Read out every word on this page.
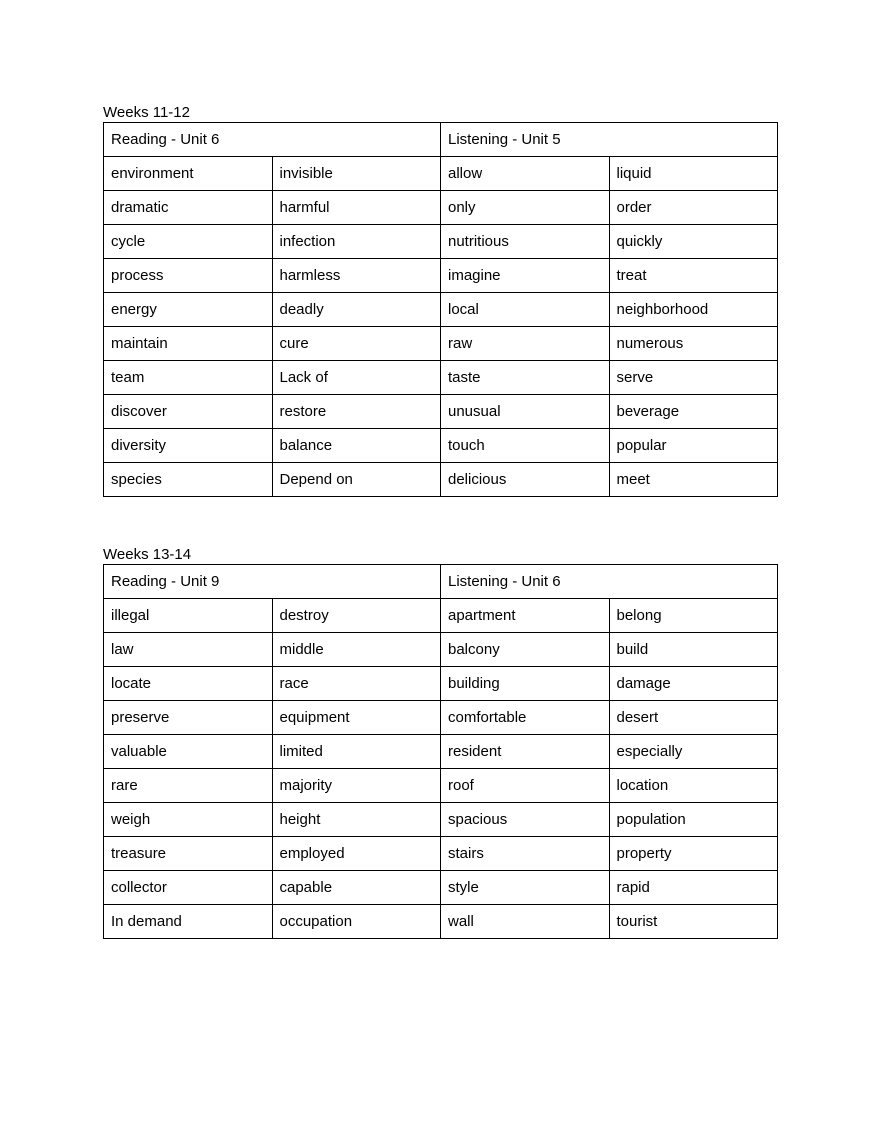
Weeks 11-12

Reading - Unit 6		Listening - Unit 5	
environment	invisible	allow	liquid
dramatic	harmful	only	order
cycle	infection	nutritious	quickly
process	harmless	imagine	treat
energy	deadly	local	neighborhood
maintain	cure	raw	numerous
team	Lack of	taste	serve
discover	restore	unusual	beverage
diversity	balance	touch	popular
species	Depend on	delicious	meet

Weeks 13-14

Reading - Unit 9		Listening - Unit 6	
illegal	destroy	apartment	belong
law	middle	balcony	build
locate	race	building	damage
preserve	equipment	comfortable	desert
valuable	limited	resident	especially
rare	majority	roof	location
weigh	height	spacious	population
treasure	employed	stairs	property
collector	capable	style	rapid
In demand	occupation	wall	tourist
